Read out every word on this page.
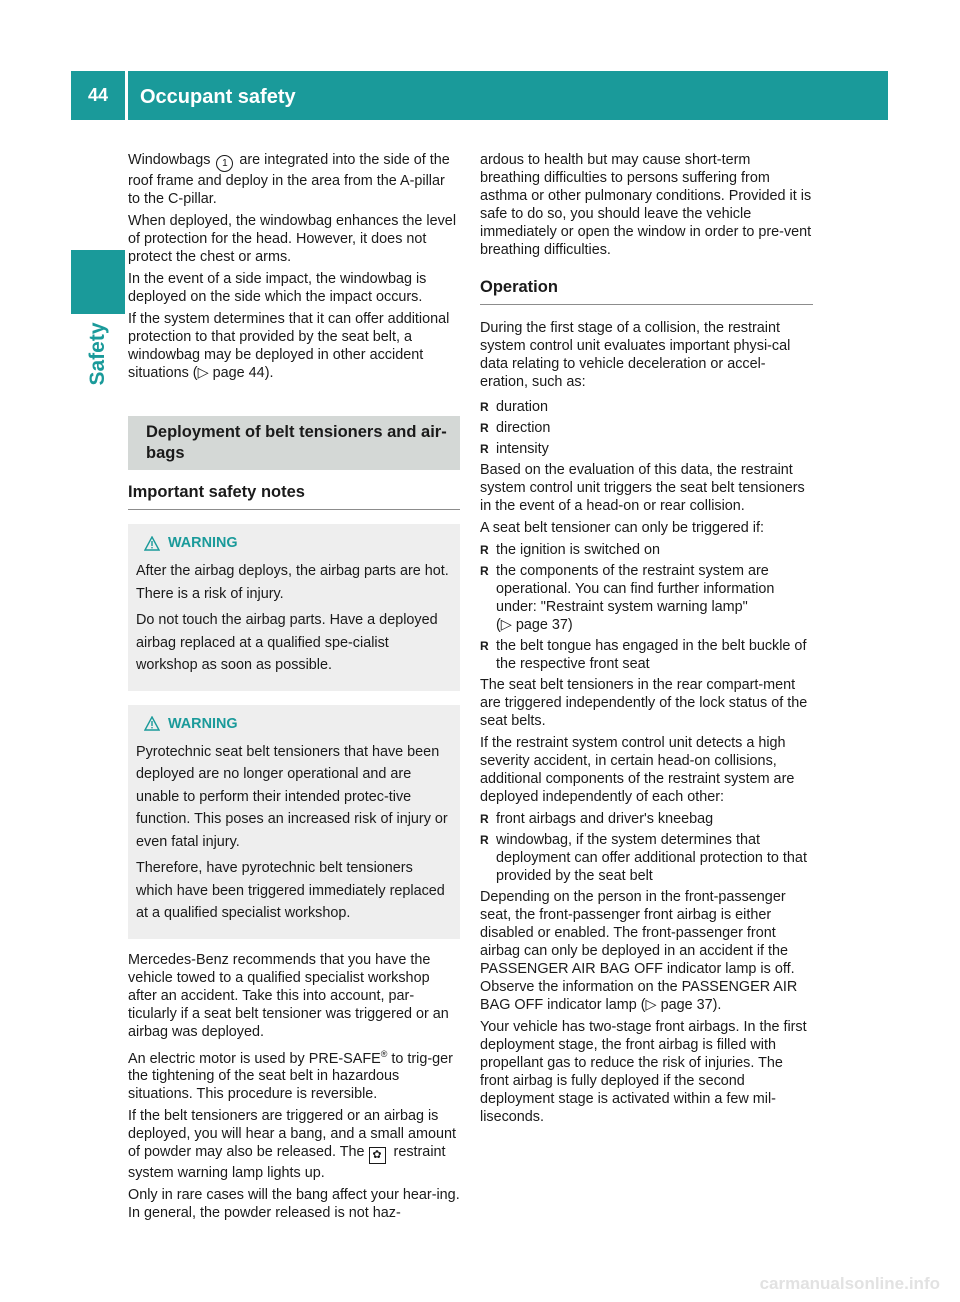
44	Occupant safety
Safety

Windowbags 1 are integrated into the side of the roof frame and deploy in the area from the A-pillar to the C-pillar.

When deployed, the windowbag enhances the level of protection for the head. However, it does not protect the chest or arms.

In the event of a side impact, the windowbag is deployed on the side which the impact occurs.

If the system determines that it can offer additional protection to that provided by the seat belt, a windowbag may be deployed in other accident situations (▷ page 44).

Deployment of belt tensioners and air-bags
Important safety notes
WARNING

After the airbag deploys, the airbag parts are hot. There is a risk of injury.

Do not touch the airbag parts. Have a deployed airbag replaced at a qualified spe-cialist workshop as soon as possible.

WARNING

Pyrotechnic seat belt tensioners that have been deployed are no longer operational and are unable to perform their intended protec-tive function. This poses an increased risk of injury or even fatal injury.

Therefore, have pyrotechnic belt tensioners which have been triggered immediately replaced at a qualified specialist workshop.

Mercedes-Benz recommends that you have the vehicle towed to a qualified specialist workshop after an accident. Take this into account, par-ticularly if a seat belt tensioner was triggered or an airbag was deployed.

An electric motor is used by PRE-SAFE® to trig-ger the tightening of the seat belt in hazardous situations. This procedure is reversible.

If the belt tensioners are triggered or an airbag is deployed, you will hear a bang, and a small amount of powder may also be released. The ✿ restraint system warning lamp lights up.

Only in rare cases will the bang affect your hear-ing. In general, the powder released is not haz-

ardous to health but may cause short-term breathing difficulties to persons suffering from asthma or other pulmonary conditions. Provided it is safe to do so, you should leave the vehicle immediately or open the window in order to pre-vent breathing difficulties.

Operation

During the first stage of a collision, the restraint system control unit evaluates important physi-cal data relating to vehicle deceleration or accel-eration, such as:

R duration
R direction
R intensity

Based on the evaluation of this data, the restraint system control unit triggers the seat belt tensioners in the event of a head-on or rear collision.

A seat belt tensioner can only be triggered if:

R the ignition is switched on
R the components of the restraint system are operational. You can find further information under: "Restraint system warning lamp"
(▷ page 37)
R the belt tongue has engaged in the belt buckle of the respective front seat

The seat belt tensioners in the rear compart-ment are triggered independently of the lock status of the seat belts.

If the restraint system control unit detects a high severity accident, in certain head-on collisions, additional components of the restraint system are deployed independently of each other:

R front airbags and driver's kneebag
R windowbag, if the system determines that deployment can offer additional protection to that provided by the seat belt

Depending on the person in the front-passenger seat, the front-passenger front airbag is either disabled or enabled. The front-passenger front airbag can only be deployed in an accident if the PASSENGER AIR BAG OFF indicator lamp is off. Observe the information on the PASSENGER AIR BAG OFF indicator lamp (▷ page 37).

Your vehicle has two-stage front airbags. In the first deployment stage, the front airbag is filled with propellant gas to reduce the risk of injuries. The front airbag is fully deployed if the second deployment stage is activated within a few mil-liseconds.

carmanualsonline.info
